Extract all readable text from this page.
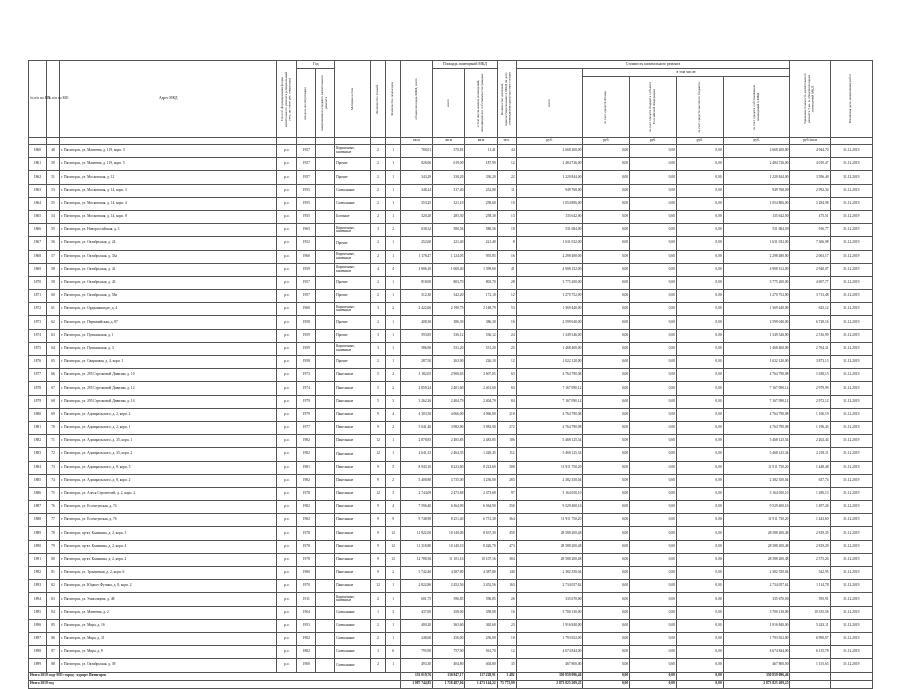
№ п/п по КП	№ п/п по МО	Адрес МКД	Способ формирования фонда капитального ремонта (специальный счет, на счете рег. оператора)	Год		Материал стен	Количество этажей	Количество подъездов	общая площадь МКД, всего	Площадь помещений МКД		Количество жителей, зарегистрированных в МКД на дату утверждения краткосрочного плана	Стоимость капитального ремонта					Удельная стоимость капитального ремонта 1 кв. м общей площади помещений МКД	Плановая дата завершения работ

				ввода в эксплуатацию	завершения последнего капитального ремонта					всего	в том числе жилых помещений, находящихся в собственности граждан		всего	в том числе:					

														за счет средств Фонда	за счет средств бюджета субъекта Российской Федерации	за счет средств местного бюджета	за счет средств собственников помещений в МКД		

									кв.м	кв.м	кв.м	чел.	руб.	руб.	руб.	руб.	руб.	руб./кв.м	
1860	48	г. Пятигорск, ул. Матвеева, д. 119, корп. 3	р.о.	1957		Кирпичные, каменные	2	1	780,01	570,81	11,41	44	2 668 200,00	0,00	0,00	0,00	2 668 200,00	4 944,70	31.12.2019
1861	50	г. Пятигорск, ул. Матвеева, д. 119, корп. 5	р.о.	1957		Прочие	2	1	826,06	619,00	187,90	12	2 484 726,00	0,00	0,00	0,00	2 484 726,00	4 010,47	31.12.2019
1862	51	г. Пятигорск, ул. Московская, д. 12	р.о.	1957		Прочие	2	1	343,29	330,20	330,20	22	1 220 844,00	0,00	0,00	0,00	1 220 844,00	3 596,40	31.12.2019
1863	53	г. Пятигорск, ул. Московская, д. 14, корп. 3	р.о.	1955		Смешанные	2	1	348,24	317,40	252,80	11	949 768,00	0,00	0,00	0,00	949 768,00	2 992,34	31.12.2019
1864	55	г. Пятигорск, ул. Московская, д. 14, корп. 4	р.о.	1955		Смешанные	2	1	353,25	321,10	258,60	10	1 054 806,00	0,00	0,00	0,00	1 054 806,00	3 284,98	31.12.2019
1865	54	г. Пятигорск, ул. Московская, д. 14, корп. 8	р.о.	1955		Блочные	2	1	320,20	285,30	258,30	13	135 642,00	0,00	0,00	0,00	135 642,00	475,51	31.12.2019
1866	55	г. Пятигорск, ул. Новороссийская, д. 3	р.о.	1965		Кирпичные, каменные	3	2	638,32	580,56	580,56	18	531 684,00	0,00	0,00	0,00	531 684,00	916,77	31.12.2019
1867	56	г. Пятигорск, ул. Октябрьская, д. 24	р.о.	1952		Прочие	2	1	252,60	221,40	221,40	8	1 631 032,00	0,00	0,00	0,00	1 631 032,00	7 366,98	31.12.2019
1868	57	г. Пятигорск, ул. Октябрьская, д. 33а	р.о.	1960		Кирпичные, каменные	2	1	1 178,47	1 124,05	955,85	16	2 298 480,00	0,00	0,00	0,00	2 298 480,00	2 063,17	31.12.2019
1869	58	г. Пятигорск, ул. Октябрьская, д. 41	р.о.	1959		Кирпичные, каменные	4	4	1 906,10	1 669,40	1 399,60	41	4 908 152,00	0,00	0,00	0,00	4 908 152,00	2 940,07	31.12.2019
1870	58	г. Пятигорск, ул. Октябрьская, д. 43	р.о.	1957		Прочие	2	1	818,00	803,70	803,70	28	3 775 200,00	0,00	0,00	0,00	3 775 200,00	4 697,77	31.12.2019
1871	60	г. Пятигорск, ул. Октябрьская, д. 58а	р.о.	1957		Прочие	2	1	312,30	342,20	172,10	12	1 270 752,00	0,00	0,00	0,00	1 270 752,00	3 713,48	31.12.2019
1872	61	г. Пятигорск, ул. Орджоникидзе, д. 4	р.о.	1960		Кирпичные, каменные	3	2	2 422,66	2 190,79	2 148,79	53	1 369 440,00	0,00	0,00	0,00	1 369 440,00	625,12	31.12.2019
1873	62	г. Пятигорск, ул. Первомайская, д. 87	р.о.	1958		Прочие	2	1	408,30	386,30	386,30	16	2 599 040,00	0,00	0,00	0,00	2 599 040,00	6 728,16	31.12.2019
1874	63	г. Пятигорск, ул. Пушкинская, д. 1	р.о.	1959		Прочие	3	1	593,85	536,12	536,12	24	1 349 346,00	0,00	0,00	0,00	1 349 346,00	2 516,99	31.12.2019
1875	64	г. Пятигорск, ул. Пушкинская, д. 3	р.о.	1959		Кирпичные, каменные	3	1	586,90	531,20	531,20	25	1 468 400,00	0,00	0,00	0,00	1 468 400,00	2 764,31	31.12.2019
1876	65	г. Пятигорск, ул. Свирновая, д. 4, корп. 1	р.о.	1958		Прочие	2	1	287,50	263,90	226,10	12	1 022 120,00	0,00	0,00	0,00	1 022 120,00	3 873,13	31.12.2019
1877	66	г. Пятигорск, ул. 295 Стрелковой Дивизии, д. 10	р.о.	1973		Панельные	5	2	3 182,05	2 906,65	2 607,05	63	4 764 790,08	0,00	0,00	0,00	4 764 790,08	1 638,13	31.12.2019
1878	67	г. Пятигорск, ул. 295 Стрелковой Дивизии, д. 12	р.о.	1974		Панельные	5	2	2 859,24	2 401,60	2 401,60	63	7 167 090,12	0,00	0,00	0,00	7 167 090,12	2 979,99	31.12.2019
1879	68	г. Пятигорск, ул. 295 Стрелковой Дивизии, д. 14	р.о.	1979		Панельные	5	3	3 262,26	2 404,79	2 404,79	84	7 167 090,12	0,00	0,00	0,00	7 167 090,12	2 972,12	31.12.2019
1880	69	г. Пятигорск, ул. Адмиральского, д. 2, корп. 2	р.о.	1979		Панельные	9	4	4 303,50	4 066,00	4 066,00	210	4 764 790,08	0,00	0,00	0,00	4 764 790,08	1 166,19	31.12.2019
1881	70	г. Пятигорск, ул. Адмиральского, д. 2, корп. 1	р.о.	1977		Панельные	9	2	5 041,40	3 982,90	3 982,90	272	4 764 790,08	0,00	0,00	0,00	4 764 790,08	1 196,45	31.12.2019
1882	71	г. Пятигорск, ул. Адмиральского, д. 35, корп. 1	р.о.	1982		Панельные	12	1	2 878,85	2 483,85	2 483,85	106	5 468 125,34	0,00	0,00	0,00	5 468 125,34	2 202,44	31.12.2019
1883	72	г. Пятигорск, ул. Адмиральского, д. 35, корп. 2	р.о.	1982		Панельные	12	1	2 641,35	2 464,35	1 420,45	112	5 468 125,34	0,00	0,00	0,00	5 468 125,34	2 218,11	31.12.2019
1884	73	г. Пятигорск, ул. Адмиральского, д. 8, корп. 5	р.о.	1981		Панельные	9	5	8 943,10	8 223,60	8 223,60	308	11 911 750,20	0,00	0,00	0,00	11 911 750,20	1 448,48	31.12.2019
1885	74	г. Пятигорск, ул. Адмиральского, д. 8, корп. 2	р.о.	1982		Панельные	9	2	5 408,80	3 735,00	3 256,00	283	2 382 350,04	0,00	0,00	0,00	2 382 350,04	637,74	31.12.2019
1886	75	г. Пятигорск, ул. Алеся Строителей, д. 2, корп. 2	р.о.	1978		Панельные	12	3	2 744,09	2 473,68	2 473,68	97	3 164 050,10	0,00	0,00	0,00	3 164 050,10	1 280,13	31.12.2019
1887	76	г. Пятигорск, ул. Ессентукская, д. 74	р.о.	1982		Панельные	9	4	7 596,40	6 364,90	6 364,90	356	9 529 400,16	0,00	0,00	0,00	9 529 400,16	1 497,26	31.12.2019
1888	77	г. Пятигорск, ул. Ессентукская, д. 76	р.о.	1982		Панельные	9	9	9 748,90	8 251,40	6 751,30	364	11 911 750,20	0,00	0,00	0,00	11 911 750,20	1 443,60	31.12.2019
1889	78	г. Пятигорск, пр-кт. Калинина, д. 2, корп. 3	р.о.	1978		Панельные	9	12	11 822,00	10 140,00	8 637,30	450	28 588 200,48	0,00	0,00	0,00	28 588 200,48	2 819,35	31.12.2019
1890	79	г. Пятигорск, пр-кт. Калинина, д. 2, корп. 4	р.о.	1978		Панельные	9	12	11 318,80	10 140,10	8 426,70	473	28 588 200,48	0,00	0,00	0,00	28 588 200,48	2 819,29	31.12.2019
1891	80	г. Пятигорск, пр-кт. Калинина, д. 2, корп. 2	р.о.	1978		Панельные	9	12	12 788,56	11 101,16	10 107,16	384	28 588 200,48	0,00	0,00	0,00	28 588 200,48	2 575,24	31.12.2019
1892	81	г. Пятигорск, ул. Транзитная, д. 2, корп. 6	р.о.	1980		Панельные	9	2	5 742,40	4 387,80	4 387,80	140	2 382 350,04	0,00	0,00	0,00	2 382 350,04	542,95	31.12.2019
1893	82	г. Пятигорск, ул. Юцкого Фучика, д. 8, корп. 2	р.о.	1970		Панельные	12	1	2 822,86	2 452,56	2 452,56	163	2 734 057,62	0,00	0,00	0,00	2 734 057,62	1 114,78	31.12.2019
1894	83	г. Пятигорск, ул. Умисовцева, д. 48	р.о.	1911		Кирпичные, каменные	2	1	601,75	596,85	596,85	26	335 670,00	0,00	0,00	0,00	335 670,00	595,91	31.12.2019
1895	84	г. Пятигорск, ул. Матвеева, д. 2	р.о.	1904		Смешанные	1	3	437,00	358,00	358,00	16	3 700 130,00	0,00	0,00	0,00	3 700 130,00	10 335,56	31.12.2019
1896	85	г. Пятигорск, ул. Мира, д. 16	р.о.	1953		Смешанные	2	1	400,20	365,60	365,60	23	1 916 840,00	0,00	0,00	0,00	1 916 840,00	5 243,11	31.12.2019
1897	86	г. Пятигорск, ул. Мира, д. 31	р.о.	1902		Смешанные	2	1	248,60	256,00	256,00	10	1 793 652,00	0,00	0,00	0,00	1 793 652,00	6 990,07	31.12.2019
1898	87	г. Пятигорск, ул. Мира, д. 8	р.о.	1882		Смешанные	3	6	795,90	757,90	561,70	12	4 674 844,00	0,00	0,00	0,00	4 674 844,00	6 135,78	31.12.2019
1899	88	г. Пятигорск, ул. Октябрьская, д. 39	р.о.	1900		Смешанные	2	1	493,30	404,80	404,80	35	467 800,00	0,00	0,00	0,00	467 800,00	1 155,63	31.12.2019
Итого 2019 году МО: город - курорт Пятигорск									153 019,76	130 847,17	117 228,91	3 482	350 859 096,46	0,00	0,00	0,00	350 859 096,46		
Итого 2019 год									1 987 744,85	1 718 487,04	1 473 144,22	75 775,00	2 873 825 209,25	0,00	0,00	0,00	2 873 825 209,25		
